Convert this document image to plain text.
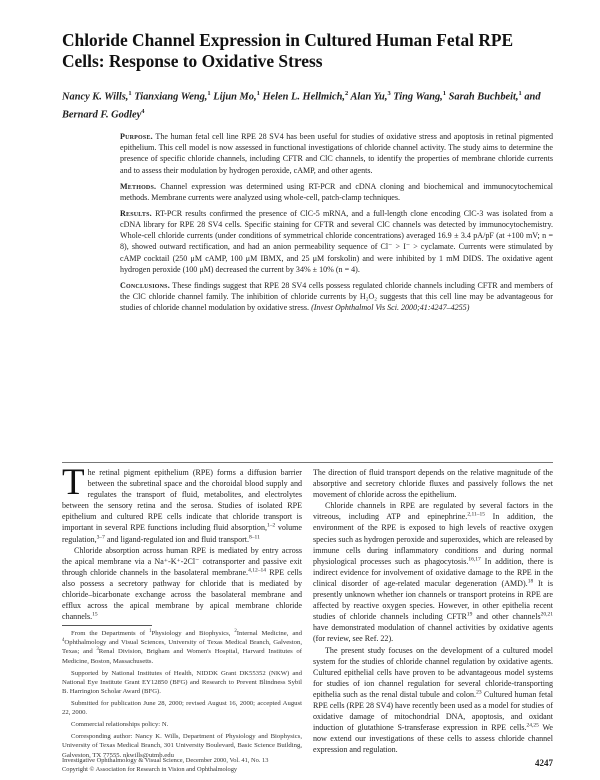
Chloride Channel Expression in Cultured Human Fetal RPE Cells: Response to Oxidative Stress

Nancy K. Wills,$^1$ Tianxiang Weng,$^1$ Lijun Mo,$^1$ Helen L. Hellmich,$^2$ Alan Yu,$^3$ Ting Wang,$^1$ Sarah Buchbeit,$^1$ and Bernard F. Godley$^4$

Purpose. The human fetal cell line RPE 28 SV4 has been useful for studies of oxidative stress and apoptosis in retinal pigmented epithelium. This cell model is now assessed in functional investigations of chloride channel activity. The study aims to determine the presence of specific chloride channels, including CFTR and ClC channels, to identify the properties of membrane chloride currents and to assess their modulation by hydrogen peroxide, cAMP, and other agents.

Methods. Channel expression was determined using RT-PCR and cDNA cloning and biochemical and immunocytochemical methods. Membrane currents were analyzed using whole-cell, patch-clamp techniques.

Results. RT-PCR results confirmed the presence of ClC-5 mRNA, and a full-length clone encoding ClC-3 was isolated from a cDNA library for RPE 28 SV4 cells. Specific staining for CFTR and several ClC channels was detected by immunocytochemistry. Whole-cell chloride currents (under conditions of symmetrical chloride concentrations) averaged 16.9 ± 3.4 pA/pF (at +100 mV; n = 8), showed outward rectification, and had an anion permeability sequence of Cl⁻ > I⁻ > cyclamate. Currents were stimulated by cAMP cocktail (250 μM cAMP, 100 μM IBMX, and 25 μM forskolin) and were inhibited by 1 mM DIDS. The oxidative agent hydrogen peroxide (100 μM) decreased the current by 34% ± 10% (n = 4).

Conclusions. These findings suggest that RPE 28 SV4 cells possess regulated chloride channels including CFTR and members of the ClC chloride channel family. The inhibition of chloride currents by H₂O₂ suggests that this cell line may be advantageous for studies of chloride channel modulation by oxidative stress. (Invest Ophthalmol Vis Sci. 2000;41:4247–4255)

The retinal pigment epithelium (RPE) forms a diffusion barrier between the subretinal space and the choroidal blood supply and regulates the transport of fluid, metabolites, and electrolytes between the sensory retina and the serosa. Studies of isolated RPE epithelium and cultured RPE cells indicate that chloride transport is important in several RPE functions including fluid absorption,$^{1-2}$ volume regulation,$^{3-7}$ and ligand-regulated ion and fluid transport.$^{8-11}$

Chloride absorption across human RPE is mediated by entry across the apical membrane via a Na⁺-K⁺-2Cl⁻ cotransporter and passive exit through chloride channels in the basolateral membrane.$^{4,12-14}$ RPE cells also possess a secretory pathway for chloride that is mediated by chloride–bicarbonate exchange across the basolateral membrane and efflux across the apical membrane by apical membrane chloride channels.$^{15}$

The direction of fluid transport depends on the relative magnitude of the absorptive and secretory chloride fluxes and passively follows the net movement of chloride across the epithelium.

Chloride channels in RPE are regulated by several factors in the vitreous, including ATP and epinephrine.$^{2,11-15}$ In addition, the environment of the RPE is exposed to high levels of reactive oxygen species such as hydrogen peroxide and superoxides, which are released by immune cells during inflammatory conditions and during normal physiological processes such as phagocytosis.$^{16,17}$ In addition, there is indirect evidence for involvement of oxidative damage to the RPE in the clinical disorder of age-related macular degeneration (AMD).$^{18}$ It is presently unknown whether ion channels or transport proteins in RPE are affected by reactive oxygen species. However, in other epithelia recent studies of chloride channels including CFTR$^{19}$ and other channels$^{20,21}$ have demonstrated modulation of channel activities by oxidative agents (for review, see Ref. 22).

The present study focuses on the development of a cultured model system for the studies of chloride channel regulation by oxidative agents. Cultured epithelial cells have proven to be advantageous model systems for studies of ion channel regulation for several chloride-transporting epithelia such as the renal distal tubule and colon.$^{23}$ Cultured human fetal RPE cells (RPE 28 SV4) have recently been used as a model for studies of oxidative damage of mitochondrial DNA, apoptosis, and oxidant induction of glutathione S-transferase expression in RPE cells.$^{24,25}$ We now extend our investigations of these cells to assess chloride channel expression and regulation.

From the Departments of $^1$Physiology and Biophysics, $^2$Internal Medicine, and $^4$Ophthalmology and Visual Sciences, University of Texas Medical Branch, Galveston, Texas; and $^3$Renal Division, Brigham and Women's Hospital, Harvard Institutes of Medicine, Boston, Massachusetts.

Supported by National Institutes of Health, NIDDK Grant DK55352 (NKW) and National Eye Institute Grant EY12850 (BFG) and Research to Prevent Blindness Sybil B. Harrington Scholar Award (BFG).

Submitted for publication June 28, 2000; revised August 16, 2000; accepted August 22, 2000.

Commercial relationships policy: N.

Corresponding author: Nancy K. Wills, Department of Physiology and Biophysics, University of Texas Medical Branch, 301 University Boulevard, Basic Science Building, Galveston, TX 77555. nkwills@utmb.edu

Investigative Ophthalmology & Visual Science, December 2000, Vol. 41, No. 13
Copyright © Association for Research in Vision and Ophthalmology
4247
